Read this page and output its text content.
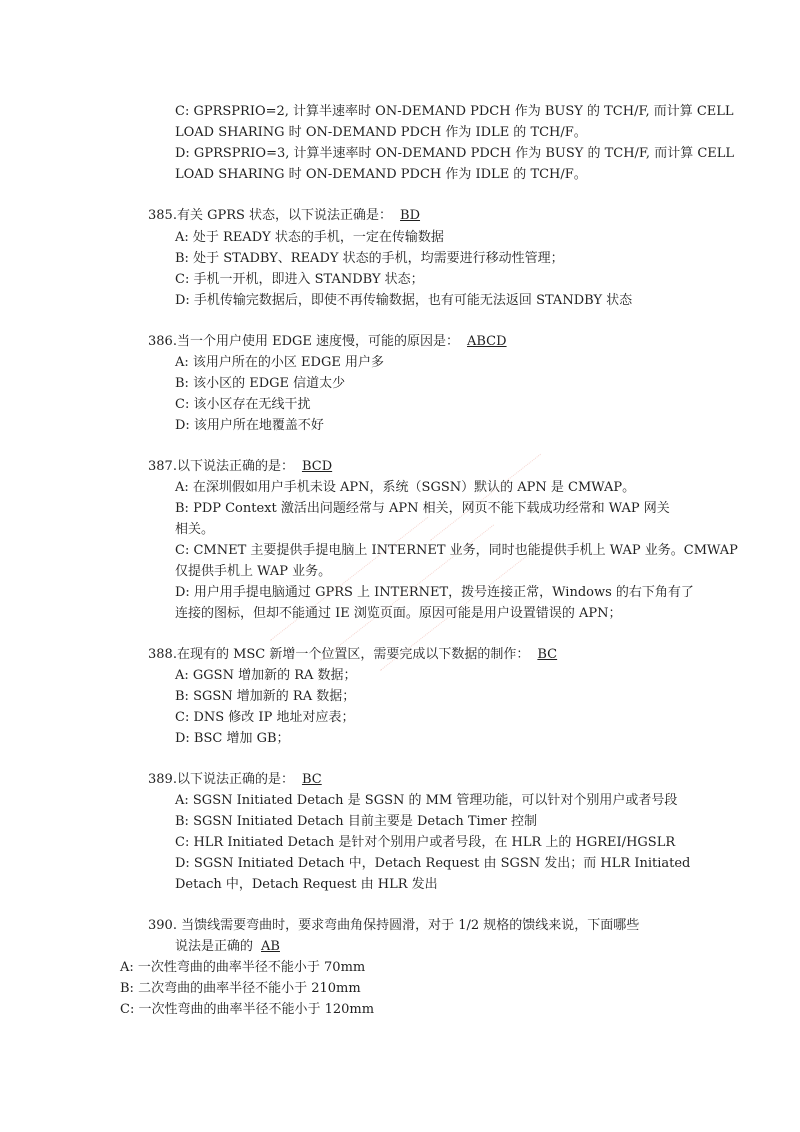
C: GPRSPRIO=2, 计算半速率时 ON-DEMAND PDCH 作为 BUSY 的 TCH/F, 而计算 CELL
LOAD SHARING 时 ON-DEMAND PDCH 作为 IDLE 的 TCH/F。
D: GPRSPRIO=3, 计算半速率时 ON-DEMAND PDCH 作为 BUSY 的 TCH/F, 而计算 CELL
LOAD SHARING 时 ON-DEMAND PDCH 作为 IDLE 的 TCH/F。
385.有关 GPRS 状态，以下说法正确是： BD
A: 处于 READY 状态的手机，一定在传输数据
B: 处于 STADBY、READY 状态的手机，均需要进行移动性管理；
C: 手机一开机，即进入 STANDBY 状态；
D: 手机传输完数据后，即使不再传输数据，也有可能无法返回 STANDBY 状态
386.当一个用户使用 EDGE 速度慢，可能的原因是： ABCD
A: 该用户所在的小区 EDGE 用户多
B: 该小区的 EDGE 信道太少
C: 该小区存在无线干扰
D: 该用户所在地覆盖不好
387.以下说法正确的是： BCD
A: 在深圳假如用户手机未设 APN，系统（SGSN）默认的 APN 是 CMWAP。
B: PDP Context 激活出问题经常与 APN 相关，网页不能下载成功经常和 WAP 网关
相关。
C: CMNET 主要提供手提电脑上 INTERNET 业务，同时也能提供手机上 WAP 业务。CMWAP
仅提供手机上 WAP 业务。
D: 用户用手提电脑通过 GPRS 上 INTERNET，拨号连接正常，Windows 的右下角有了
连接的图标，但却不能通过 IE 浏览页面。原因可能是用户设置错误的 APN；
388.在现有的 MSC 新增一个位置区，需要完成以下数据的制作： BC
A: GGSN 增加新的 RA 数据；
B: SGSN 增加新的 RA 数据；
C: DNS 修改 IP 地址对应表；
D: BSC 增加 GB；
389.以下说法正确的是： BC
A: SGSN Initiated Detach 是 SGSN 的 MM 管理功能，可以针对个别用户或者号段
B: SGSN Initiated Detach 目前主要是 Detach Timer 控制
C: HLR Initiated Detach 是针对个别用户或者号段，在 HLR 上的 HGREI/HGSLR
D: SGSN Initiated Detach 中，Detach Request 由 SGSN 发出；而 HLR Initiated
Detach 中，Detach Request 由 HLR 发出
390. 当馈线需要弯曲时，要求弯曲角保持圆滑，对于 1/2 规格的馈线来说，下面哪些
说法是正确的 AB
A: 一次性弯曲的曲率半径不能小于 70mm
B: 二次弯曲的曲率半径不能小于 210mm
C: 一次性弯曲的曲率半径不能小于 120mm
